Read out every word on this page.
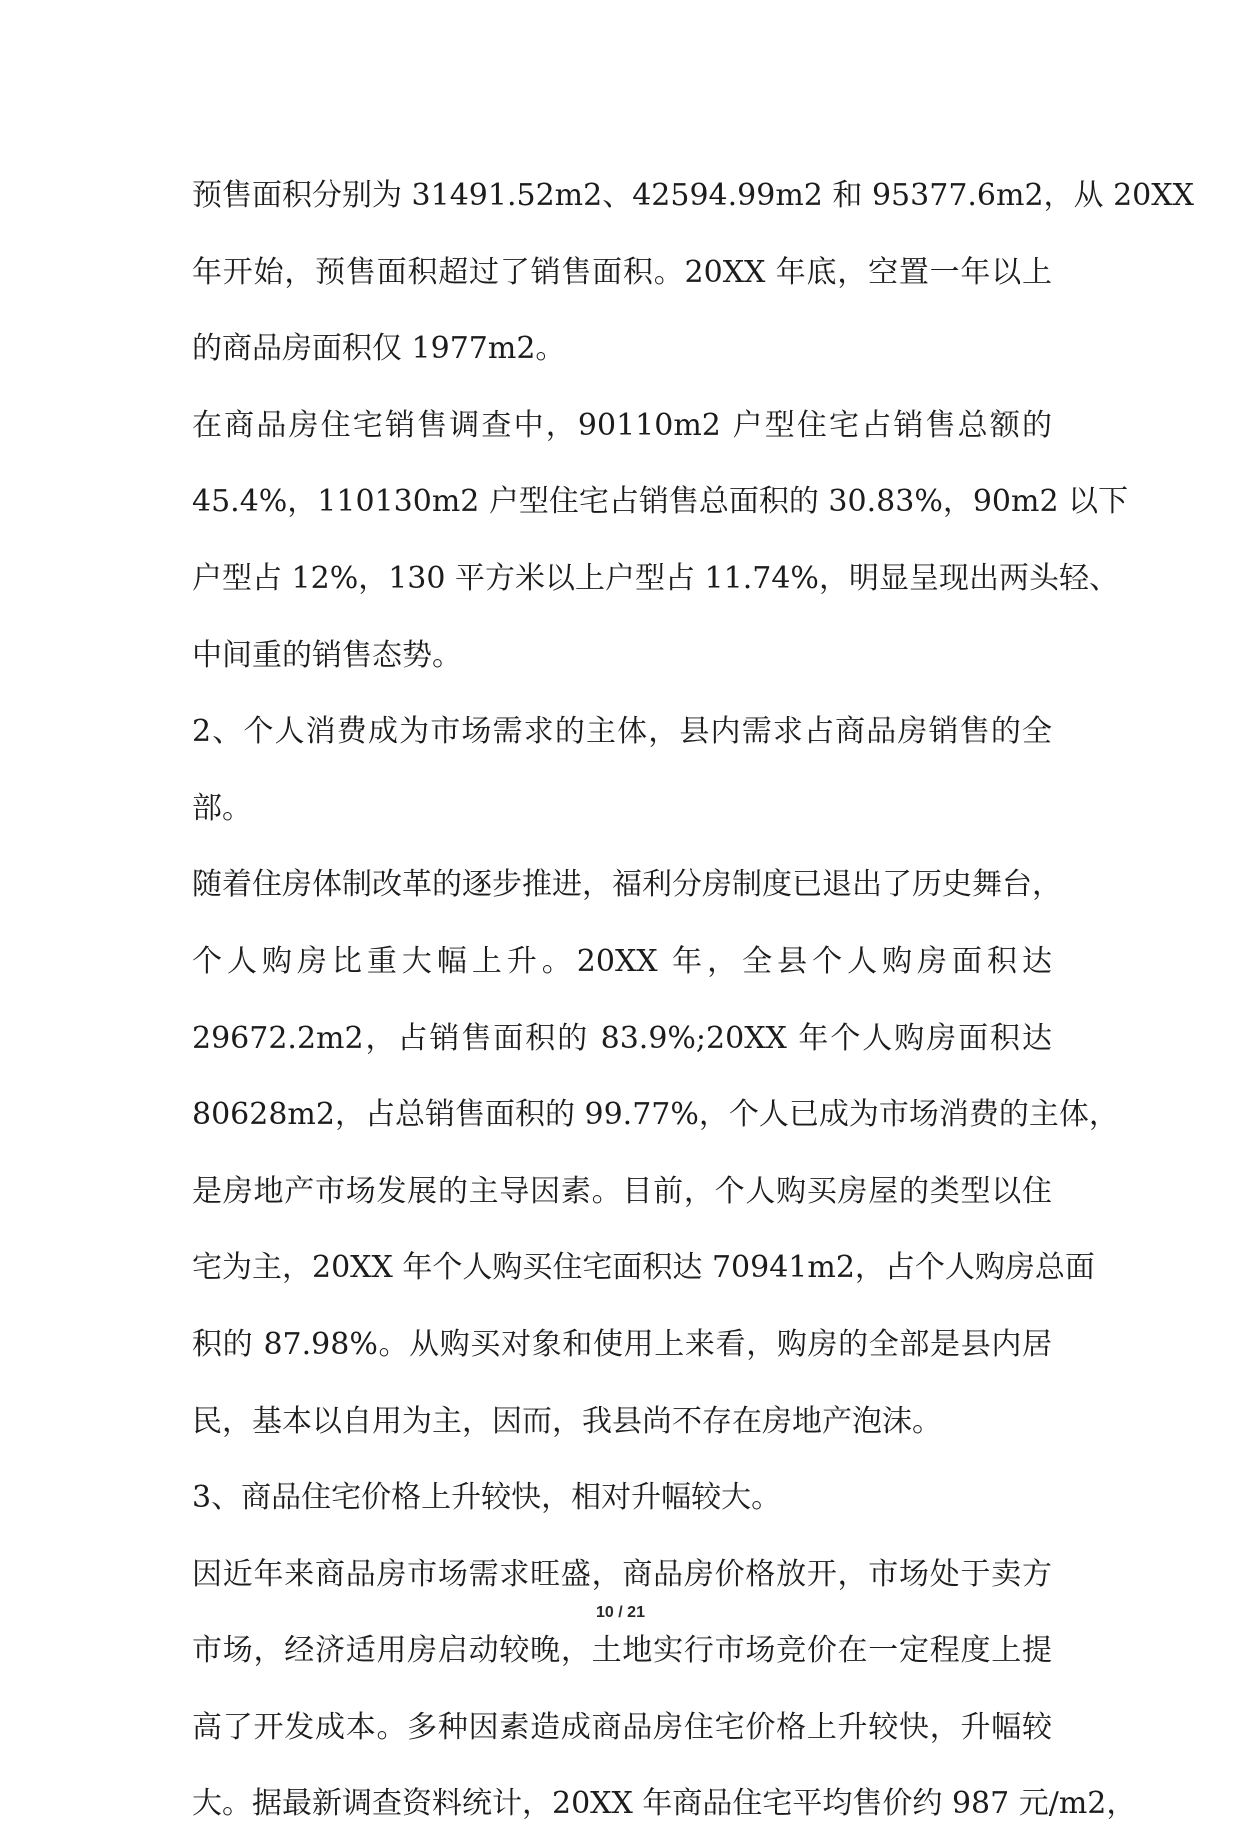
预售面积分别为 31491.52m2、42594.99m2 和 95377.6m2，从 20XX
年开始，预售面积超过了销售面积。20XX 年底，空置一年以上
的商品房面积仅 1977m2。
在商品房住宅销售调查中，90110m2 户型住宅占销售总额的
45.4%，110130m2 户型住宅占销售总面积的 30.83%，90m2 以下
户型占 12%，130 平方米以上户型占 11.74%，明显呈现出两头轻、
中间重的销售态势。
2、个人消费成为市场需求的主体，县内需求占商品房销售的全
部。
随着住房体制改革的逐步推进，福利分房制度已退出了历史舞台，
个人购房比重大幅上升。20XX 年，全县个人购房面积达
29672.2m2，占销售面积的 83.9%;20XX 年个人购房面积达
80628m2，占总销售面积的 99.77%，个人已成为市场消费的主体，
是房地产市场发展的主导因素。目前，个人购买房屋的类型以住
宅为主，20XX 年个人购买住宅面积达 70941m2，占个人购房总面
积的 87.98%。从购买对象和使用上来看，购房的全部是县内居
民，基本以自用为主，因而，我县尚不存在房地产泡沫。
3、商品住宅价格上升较快，相对升幅较大。
因近年来商品房市场需求旺盛，商品房价格放开，市场处于卖方
市场，经济适用房启动较晚，土地实行市场竞价在一定程度上提
高了开发成本。多种因素造成商品房住宅价格上升较快，升幅较
大。据最新调查资料统计，20XX 年商品住宅平均售价约 987 元/m2，
10 / 21
